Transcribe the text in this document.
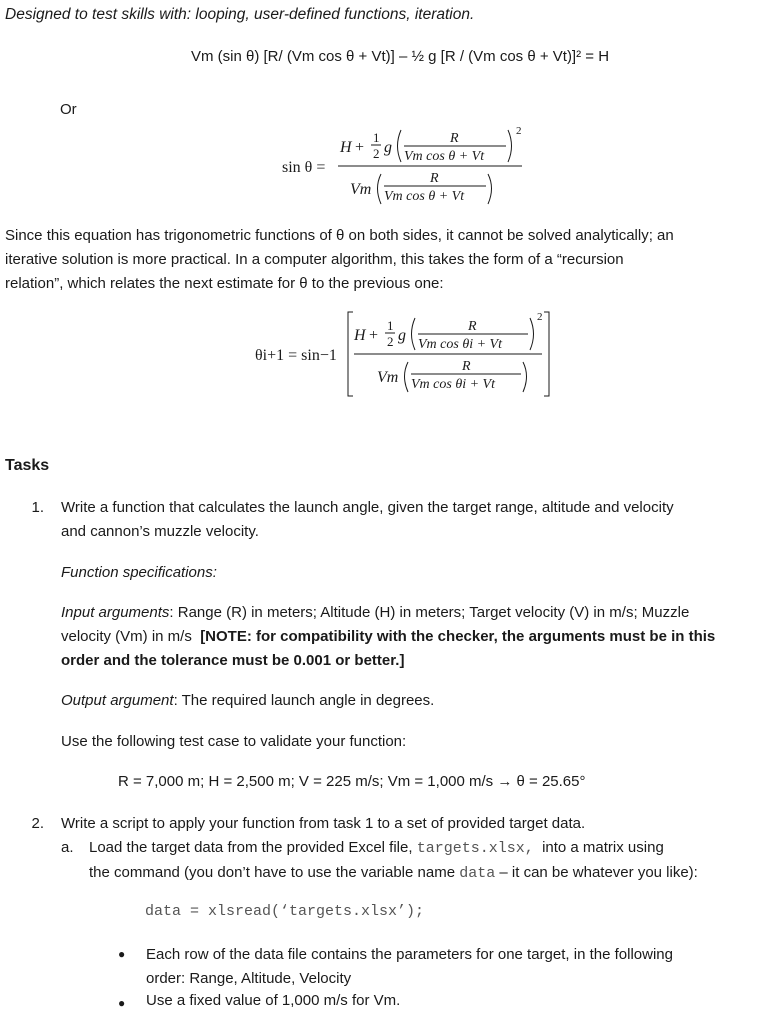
Designed to test skills with: looping, user-defined functions, iteration.
Vm (sin θ) [R/ (Vm cos θ + Vt)] – ½ g [R / (Vm cos θ + Vt)]² = H
Or
sin θ =
H +
1
2 g
R
Vm cos θ + Vt
2
Vm
R
Vm cos θ + Vt
Since this equation has trigonometric functions of θ on both sides, it cannot be solved analytically; an
iterative solution is more practical. In a computer algorithm, this takes the form of a “recursion
relation”, which relates the next estimate for θ to the previous one:
θi+1 = sin−1
H +
1
2 g
R
Vm cos θi + Vt
2
Vm
R
Vm cos θi + Vt
Tasks
1. Write a function that calculates the launch angle, given the target range, altitude and velocity
and cannon’s muzzle velocity.
Function specifications:
Input arguments: Range (R) in meters; Altitude (H) in meters; Target velocity (V) in m/s; Muzzle
velocity (Vm) in m/s  [NOTE: for compatibility with the checker, the arguments must be in this
order and the tolerance must be 0.001 or better.]
Output argument: The required launch angle in degrees.
Use the following test case to validate your function:
R = 7,000 m; H = 2,500 m; V = 225 m/s; Vm = 1,000 m/s → θ = 25.65°
2. Write a script to apply your function from task 1 to a set of provided target data.
a. Load the target data from the provided Excel file, targets.xlsx,  into a matrix using
the command (you don’t have to use the variable name data – it can be whatever you like):
data = xlsread(‘targets.xlsx’);
● Each row of the data file contains the parameters for one target, in the following
order: Range, Altitude, Velocity
● Use a fixed value of 1,000 m/s for Vm.
